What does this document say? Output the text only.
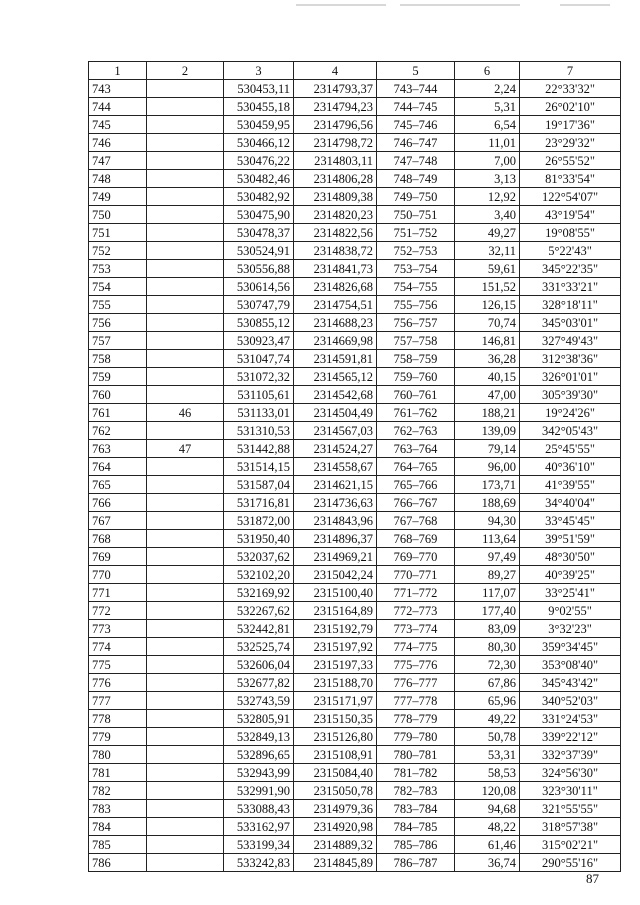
1	2	3	4	5	6	7
743		530453,11	2314793,37	743–744	2,24	22°33'32"
744		530455,18	2314794,23	744–745	5,31	26°02'10"
745		530459,95	2314796,56	745–746	6,54	19°17'36"
746		530466,12	2314798,72	746–747	11,01	23°29'32"
747		530476,22	2314803,11	747–748	7,00	26°55'52"
748		530482,46	2314806,28	748–749	3,13	81°33'54"
749		530482,92	2314809,38	749–750	12,92	122°54'07"
750		530475,90	2314820,23	750–751	3,40	43°19'54"
751		530478,37	2314822,56	751–752	49,27	19°08'55"
752		530524,91	2314838,72	752–753	32,11	5°22'43"
753		530556,88	2314841,73	753–754	59,61	345°22'35"
754		530614,56	2314826,68	754–755	151,52	331°33'21"
755		530747,79	2314754,51	755–756	126,15	328°18'11"
756		530855,12	2314688,23	756–757	70,74	345°03'01"
757		530923,47	2314669,98	757–758	146,81	327°49'43"
758		531047,74	2314591,81	758–759	36,28	312°38'36"
759		531072,32	2314565,12	759–760	40,15	326°01'01"
760		531105,61	2314542,68	760–761	47,00	305°39'30"
761	46	531133,01	2314504,49	761–762	188,21	19°24'26"
762		531310,53	2314567,03	762–763	139,09	342°05'43"
763	47	531442,88	2314524,27	763–764	79,14	25°45'55"
764		531514,15	2314558,67	764–765	96,00	40°36'10"
765		531587,04	2314621,15	765–766	173,71	41°39'55"
766		531716,81	2314736,63	766–767	188,69	34°40'04"
767		531872,00	2314843,96	767–768	94,30	33°45'45"
768		531950,40	2314896,37	768–769	113,64	39°51'59"
769		532037,62	2314969,21	769–770	97,49	48°30'50"
770		532102,20	2315042,24	770–771	89,27	40°39'25"
771		532169,92	2315100,40	771–772	117,07	33°25'41"
772		532267,62	2315164,89	772–773	177,40	9°02'55"
773		532442,81	2315192,79	773–774	83,09	3°32'23"
774		532525,74	2315197,92	774–775	80,30	359°34'45"
775		532606,04	2315197,33	775–776	72,30	353°08'40"
776		532677,82	2315188,70	776–777	67,86	345°43'42"
777		532743,59	2315171,97	777–778	65,96	340°52'03"
778		532805,91	2315150,35	778–779	49,22	331°24'53"
779		532849,13	2315126,80	779–780	50,78	339°22'12"
780		532896,65	2315108,91	780–781	53,31	332°37'39"
781		532943,99	2315084,40	781–782	58,53	324°56'30"
782		532991,90	2315050,78	782–783	120,08	323°30'11"
783		533088,43	2314979,36	783–784	94,68	321°55'55"
784		533162,97	2314920,98	784–785	48,22	318°57'38"
785		533199,34	2314889,32	785–786	61,46	315°02'21"
786		533242,83	2314845,89	786–787	36,74	290°55'16"
87
